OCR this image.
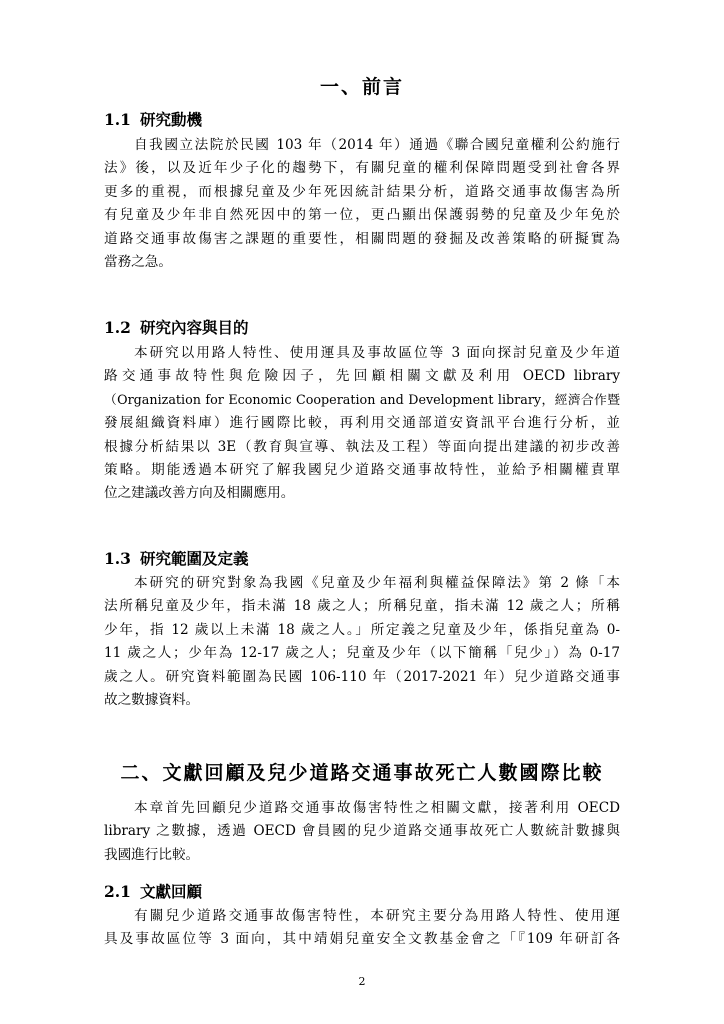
一、前言
1.1 研究動機
自我國立法院於民國 103 年（2014 年）通過《聯合國兒童權利公約施行
法》後，以及近年少子化的趨勢下，有關兒童的權利保障問題受到社會各界
更多的重視，而根據兒童及少年死因統計結果分析，道路交通事故傷害為所
有兒童及少年非自然死因中的第一位，更凸顯出保護弱勢的兒童及少年免於
道路交通事故傷害之課題的重要性，相關問題的發掘及改善策略的研擬實為
當務之急。
1.2 研究內容與目的
本研究以用路人特性、使用運具及事故區位等 3 面向探討兒童及少年道
路交通事故特性與危險因子，先回顧相關文獻及利用 OECD library
（Organization for Economic Cooperation and Development library，經濟合作暨
發展組織資料庫）進行國際比較，再利用交通部道安資訊平台進行分析，並
根據分析結果以 3E（教育與宣導、執法及工程）等面向提出建議的初步改善
策略。期能透過本研究了解我國兒少道路交通事故特性，並給予相關權責單
位之建議改善方向及相關應用。
1.3 研究範圍及定義
本研究的研究對象為我國《兒童及少年福利與權益保障法》第 2 條「本
法所稱兒童及少年，指未滿 18 歲之人；所稱兒童，指未滿 12 歲之人；所稱
少年，指 12 歲以上未滿 18 歲之人。」所定義之兒童及少年，係指兒童為 0-
11 歲之人；少年為 12-17 歲之人；兒童及少年（以下簡稱「兒少」）為 0-17
歲之人。研究資料範圍為民國 106-110 年（2017-2021 年）兒少道路交通事
故之數據資料。
二、文獻回顧及兒少道路交通事故死亡人數國際比較
本章首先回顧兒少道路交通事故傷害特性之相關文獻，接著利用 OECD
library 之數據，透過 OECD 會員國的兒少道路交通事故死亡人數統計數據與
我國進行比較。
2.1 文獻回顧
有關兒少道路交通事故傷害特性，本研究主要分為用路人特性、使用運
具及事故區位等 3 面向，其中靖娟兒童安全文教基金會之「『109 年研訂各
2
